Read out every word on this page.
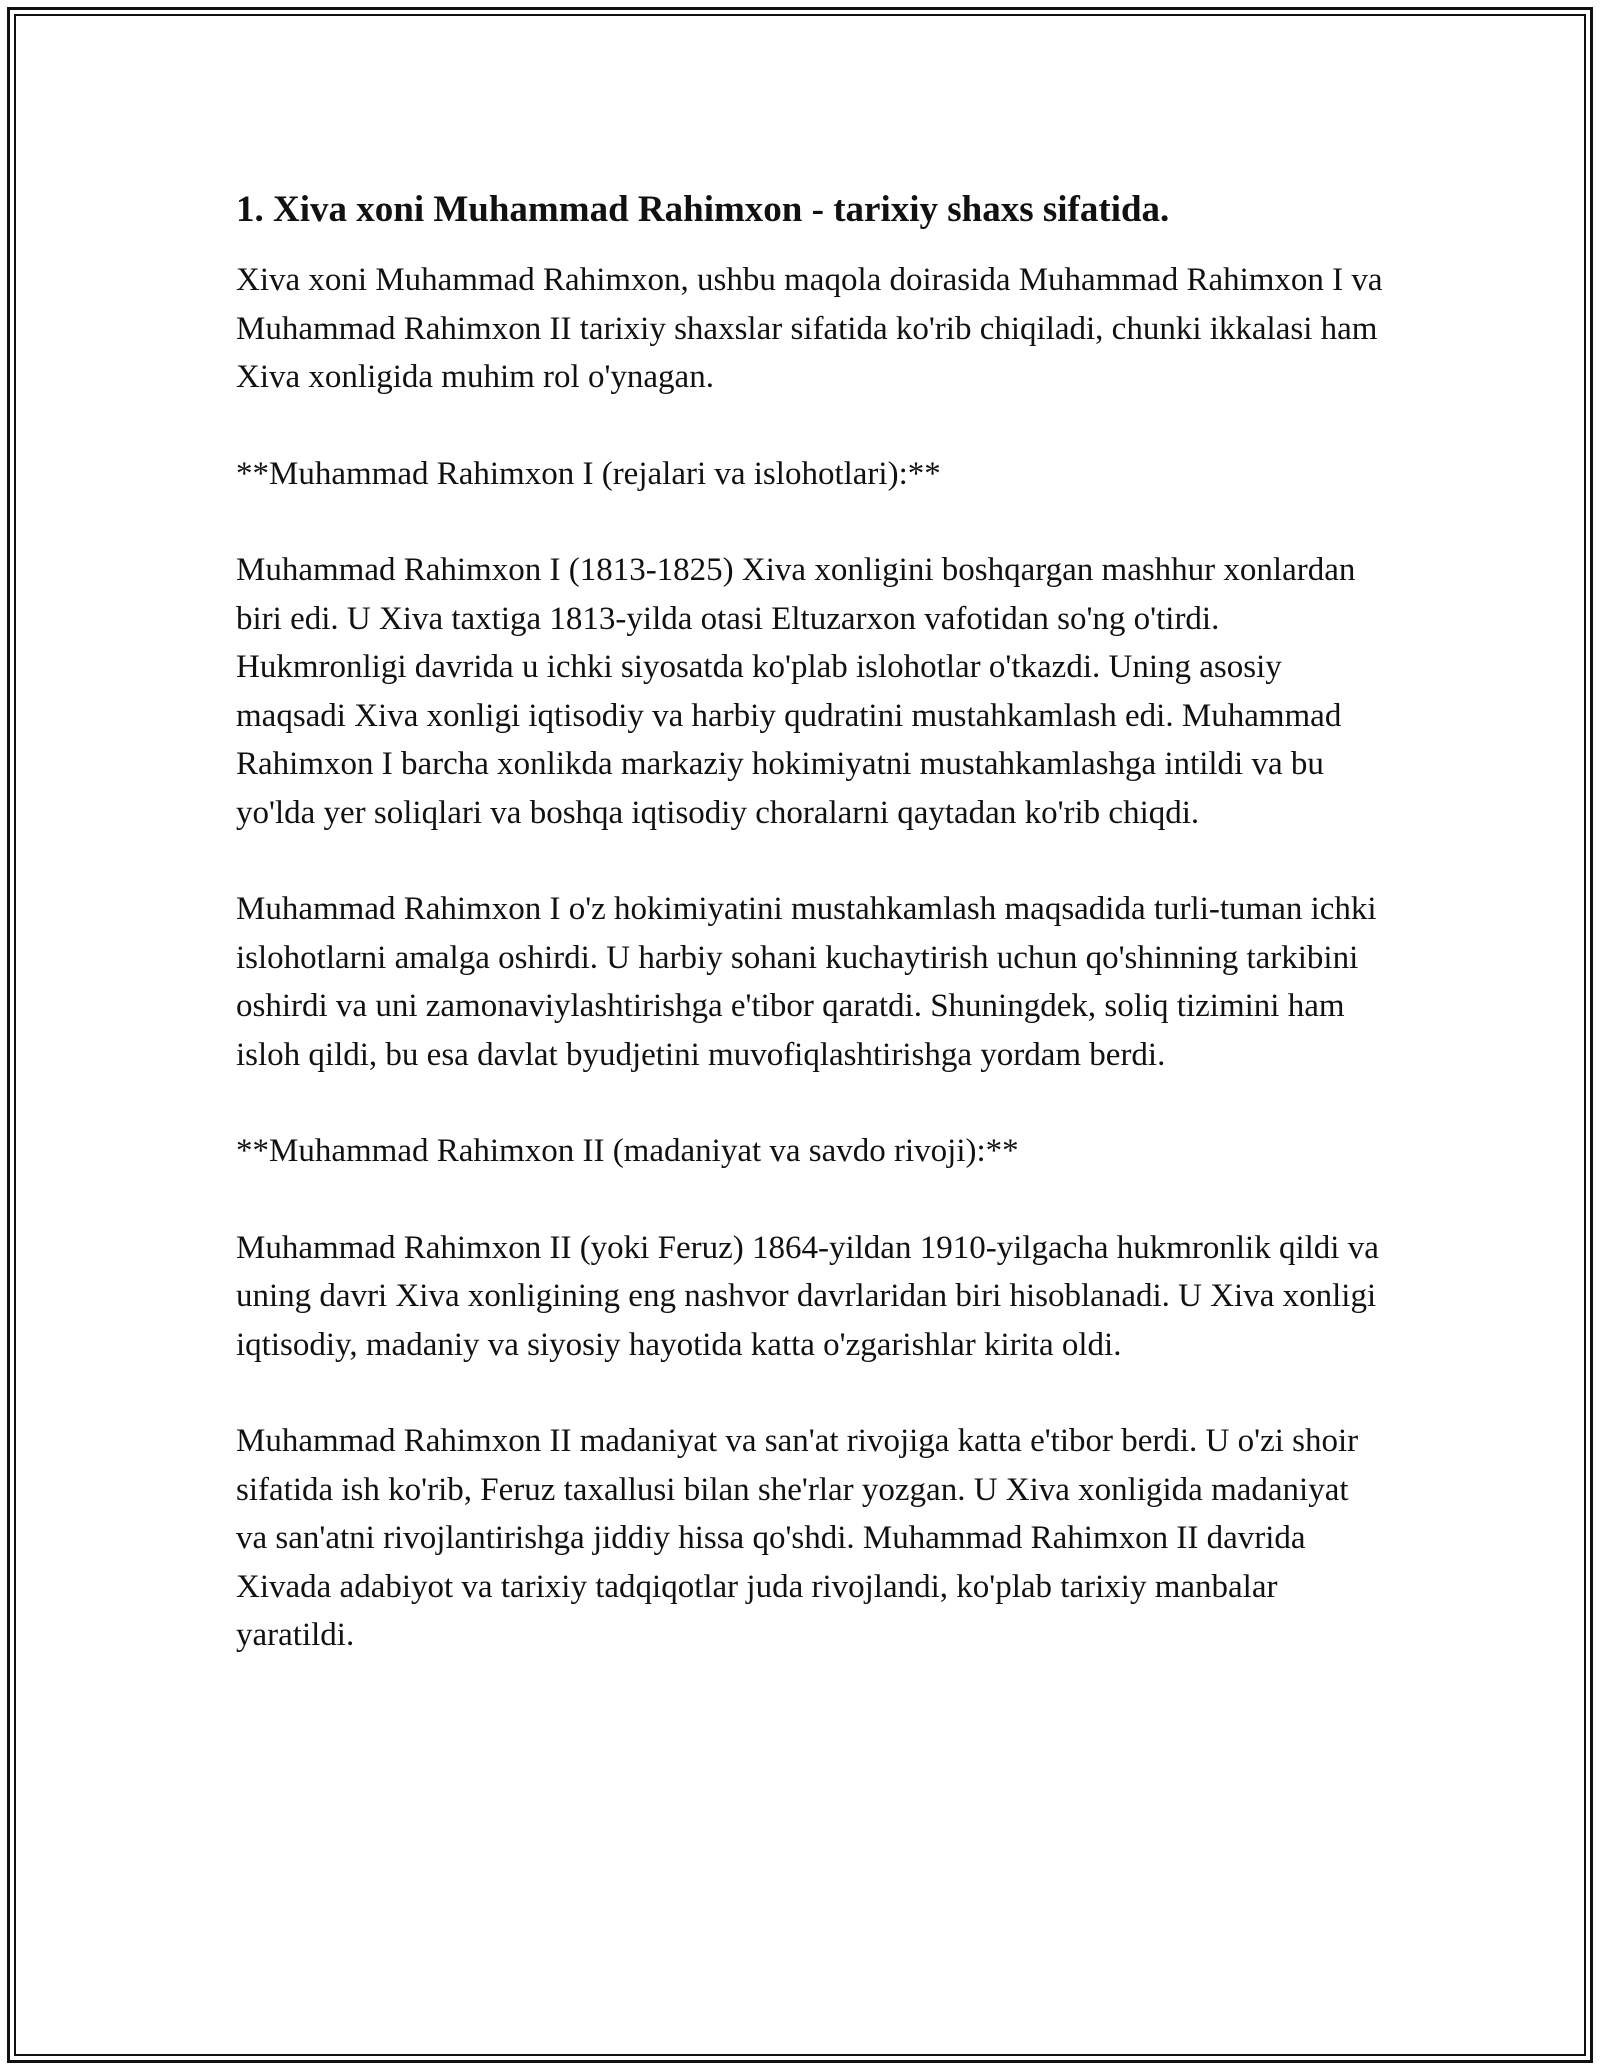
1. Xiva xoni Muhammad Rahimxon - tarixiy shaxs sifatida.

Xiva xoni Muhammad Rahimxon, ushbu maqola doirasida Muhammad Rahimxon I va Muhammad Rahimxon II tarixiy shaxslar sifatida ko'rib chiqiladi, chunki ikkalasi ham Xiva xonligida muhim rol o'ynagan.

**Muhammad Rahimxon I (rejalari va islohotlari):**

Muhammad Rahimxon I (1813-1825) Xiva xonligini boshqargan mashhur xonlardan biri edi. U Xiva taxtiga 1813-yilda otasi Eltuzarxon vafotidan so'ng o'tirdi. Hukmronligi davrida u ichki siyosatda ko'plab islohotlar o'tkazdi. Uning asosiy maqsadi Xiva xonligi iqtisodiy va harbiy qudratini mustahkamlash edi. Muhammad Rahimxon I barcha xonlikda markaziy hokimiyatni mustahkamlashga intildi va bu yo'lda yer soliqlari va boshqa iqtisodiy choralarni qaytadan ko'rib chiqdi.

Muhammad Rahimxon I o'z hokimiyatini mustahkamlash maqsadida turli-tuman ichki islohotlarni amalga oshirdi. U harbiy sohani kuchaytirish uchun qo'shinning tarkibini oshirdi va uni zamonaviylashtirishga e'tibor qaratdi. Shuningdek, soliq tizimini ham isloh qildi, bu esa davlat byudjetini muvofiqlashtirishga yordam berdi.

**Muhammad Rahimxon II (madaniyat va savdo rivoji):**

Muhammad Rahimxon II (yoki Feruz) 1864-yildan 1910-yilgacha hukmronlik qildi va uning davri Xiva xonligining eng nashvor davrlaridan biri hisoblanadi. U Xiva xonligi iqtisodiy, madaniy va siyosiy hayotida katta o'zgarishlar kirita oldi.

Muhammad Rahimxon II madaniyat va san'at rivojiga katta e'tibor berdi. U o'zi shoir sifatida ish ko'rib, Feruz taxallusi bilan she'rlar yozgan. U Xiva xonligida madaniyat va san'atni rivojlantirishga jiddiy hissa qo'shdi. Muhammad Rahimxon II davrida Xivada adabiyot va tarixiy tadqiqotlar juda rivojlandi, ko'plab tarixiy manbalar yaratildi.
